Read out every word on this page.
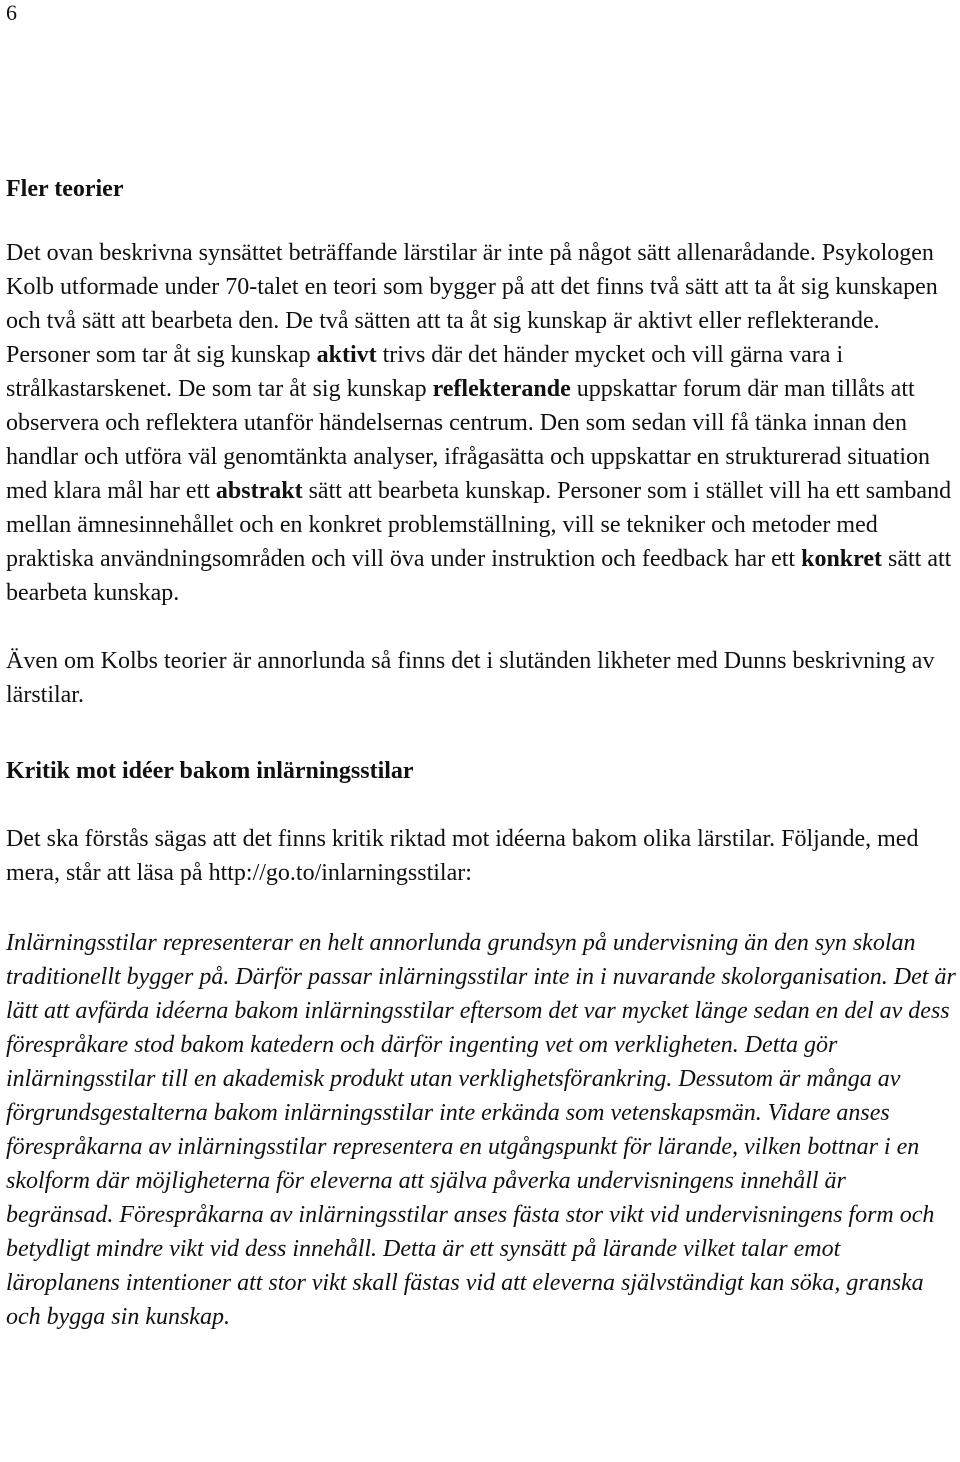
6
Fler teorier

Det ovan beskrivna synsättet beträffande lärstilar är inte på något sätt allenarådande. Psykologen Kolb utformade under 70-talet en teori som bygger på att det finns två sätt att ta åt sig kunskapen och två sätt att bearbeta den. De två sätten att ta åt sig kunskap är aktivt eller reflekterande. Personer som tar åt sig kunskap aktivt trivs där det händer mycket och vill gärna vara i strålkastarskenet. De som tar åt sig kunskap reflekterande uppskattar forum där man tillåts att observera och reflektera utanför händelsernas centrum. Den som sedan vill få tänka innan den handlar och utföra väl genomtänkta analyser, ifrågasätta och uppskattar en strukturerad situation med klara mål har ett abstrakt sätt att bearbeta kunskap. Personer som i stället vill ha ett samband mellan ämnesinnehållet och en konkret problemställning, vill se tekniker och metoder med praktiska användningsområden och vill öva under instruktion och feedback har ett konkret sätt att bearbeta kunskap.

Även om Kolbs teorier är annorlunda så finns det i slutänden likheter med Dunns beskrivning av lärstilar.

Kritik mot idéer bakom inlärningsstilar

Det ska förstås sägas att det finns kritik riktad mot idéerna bakom olika lärstilar. Följande, med mera, står att läsa på http://go.to/inlarningsstilar:

Inlärningsstilar representerar en helt annorlunda grundsyn på undervisning än den syn skolan traditionellt bygger på. Därför passar inlärningsstilar inte in i nuvarande skolorganisation. Det är lätt att avfärda idéerna bakom inlärningsstilar eftersom det var mycket länge sedan en del av dess förespråkare stod bakom katedern och därför ingenting vet om verkligheten. Detta gör inlärningsstilar till en akademisk produkt utan verklighetsförankring. Dessutom är många av förgrundsgestalterna bakom inlärningsstilar inte erkända som vetenskapsmän. Vidare anses förespråkarna av inlärningsstilar representera en utgångspunkt för lärande, vilken bottnar i en skolform där möjligheterna för eleverna att själva påverka undervisningens innehåll är begränsad. Förespråkarna av inlärningsstilar anses fästa stor vikt vid undervisningens form och betydligt mindre vikt vid dess innehåll. Detta är ett synsätt på lärande vilket talar emot läroplanens intentioner att stor vikt skall fästas vid att eleverna självständigt kan söka, granska och bygga sin kunskap.
